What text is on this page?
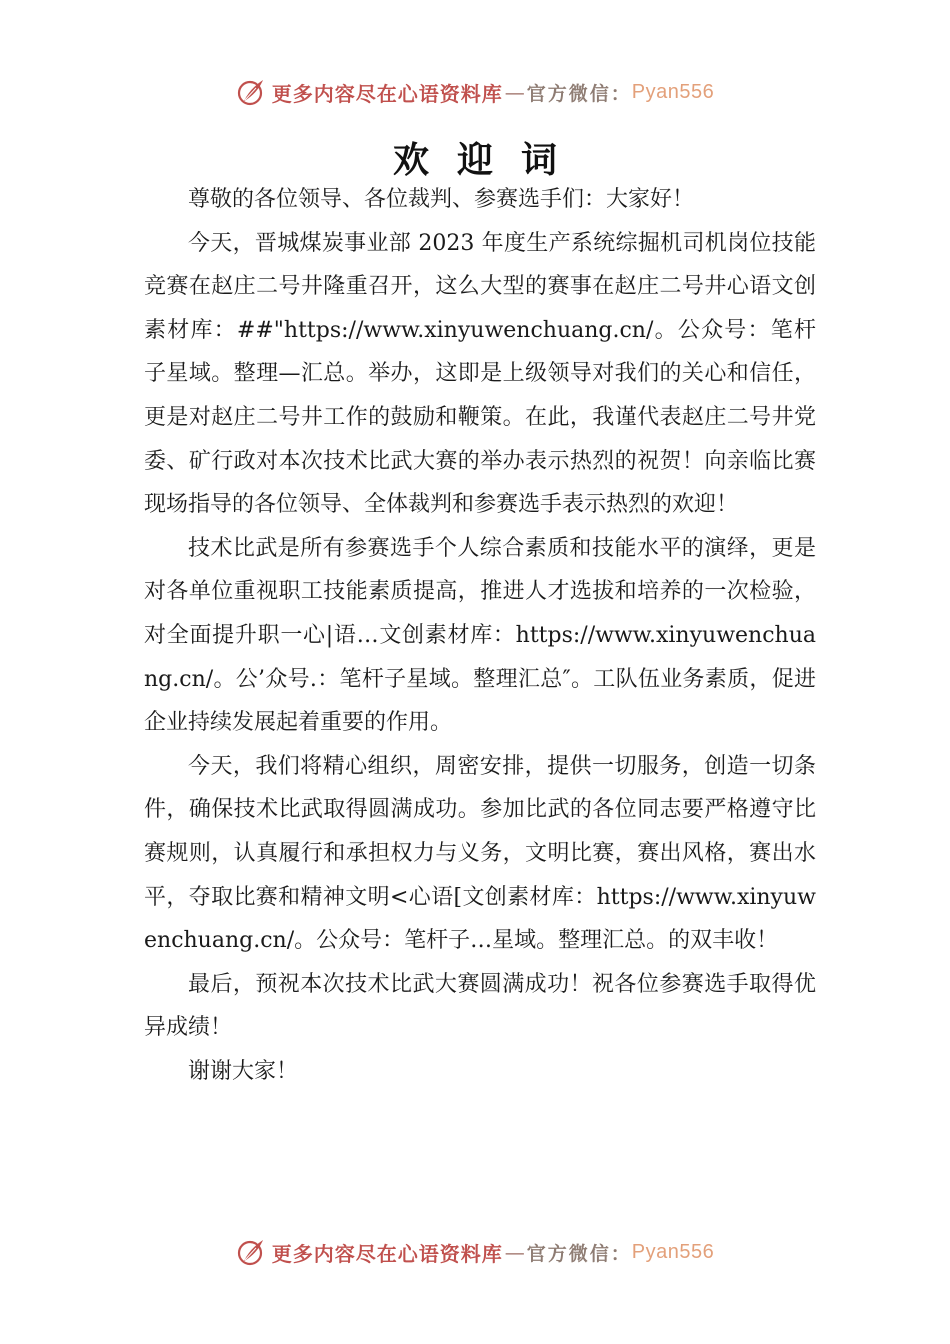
更多内容尽在心语资料库 — 官方微信： Pyan556
欢迎词

尊敬的各位领导、各位裁判、参赛选手们：大家好！

今天，晋城煤炭事业部 2023 年度生产系统综掘机司机岗位技能竞赛在赵庄二号井隆重召开，这么大型的赛事在赵庄二号井心语文创素材库：##"https://www.xinyuwenchuang.cn/。公众号：笔杆子星域。整理—汇总。举办，这即是上级领导对我们的关心和信任，更是对赵庄二号井工作的鼓励和鞭策。在此，我谨代表赵庄二号井党委、矿行政对本次技术比武大赛的举办表示热烈的祝贺！向亲临比赛现场指导的各位领导、全体裁判和参赛选手表示热烈的欢迎！

技术比武是所有参赛选手个人综合素质和技能水平的演绎，更是对各单位重视职工技能素质提高，推进人才选拔和培养的一次检验，对全面提升职一心|语…文创素材库：https://www.xinyuwenchuang.cn/。公’众号.：笔杆子星域。整理汇总″。工队伍业务素质，促进企业持续发展起着重要的作用。

今天，我们将精心组织，周密安排，提供一切服务，创造一切条件，确保技术比武取得圆满成功。参加比武的各位同志要严格遵守比赛规则，认真履行和承担权力与义务，文明比赛，赛出风格，赛出水平，夺取比赛和精神文明<心语[文创素材库：https://www.xinyuwenchuang.cn/。公众号：笔杆子…星域。整理汇总。的双丰收！

最后，预祝本次技术比武大赛圆满成功！祝各位参赛选手取得优异成绩！

谢谢大家！

更多内容尽在心语资料库 — 官方微信： Pyan556
